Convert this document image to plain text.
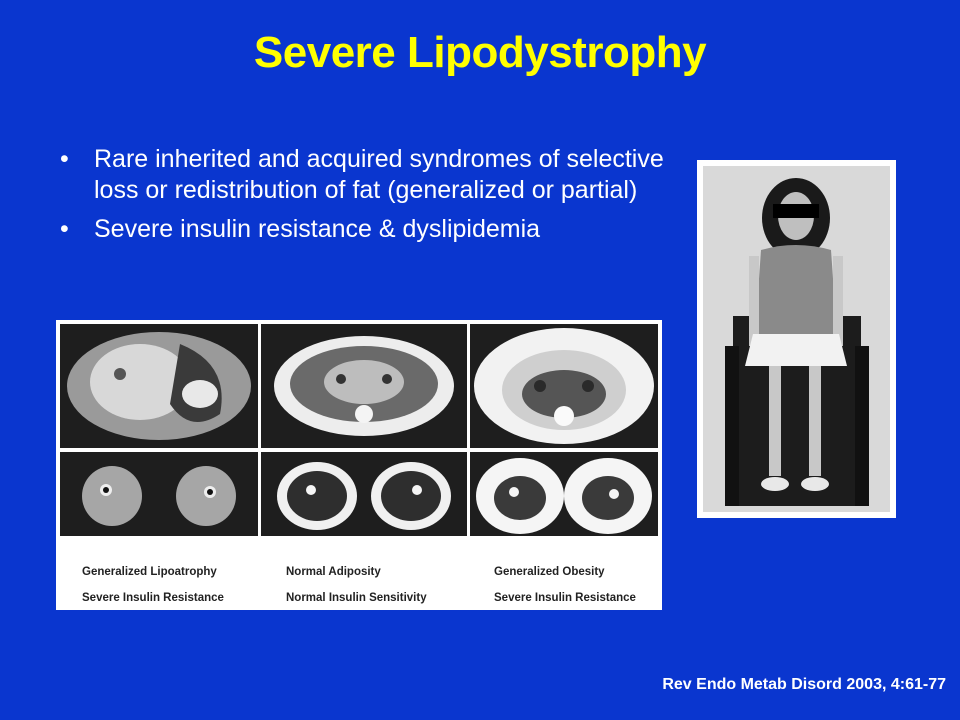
Severe Lipodystrophy
• Rare inherited and acquired syndromes of selective loss or redistribution of fat (generalized or partial)
• Severe insulin resistance & dyslipidemia
Generalized Lipoatrophy
Severe Insulin Resistance
Normal Adiposity
Normal Insulin Sensitivity
Generalized Obesity
Severe Insulin Resistance
Rev Endo Metab Disord 2003, 4:61-77
